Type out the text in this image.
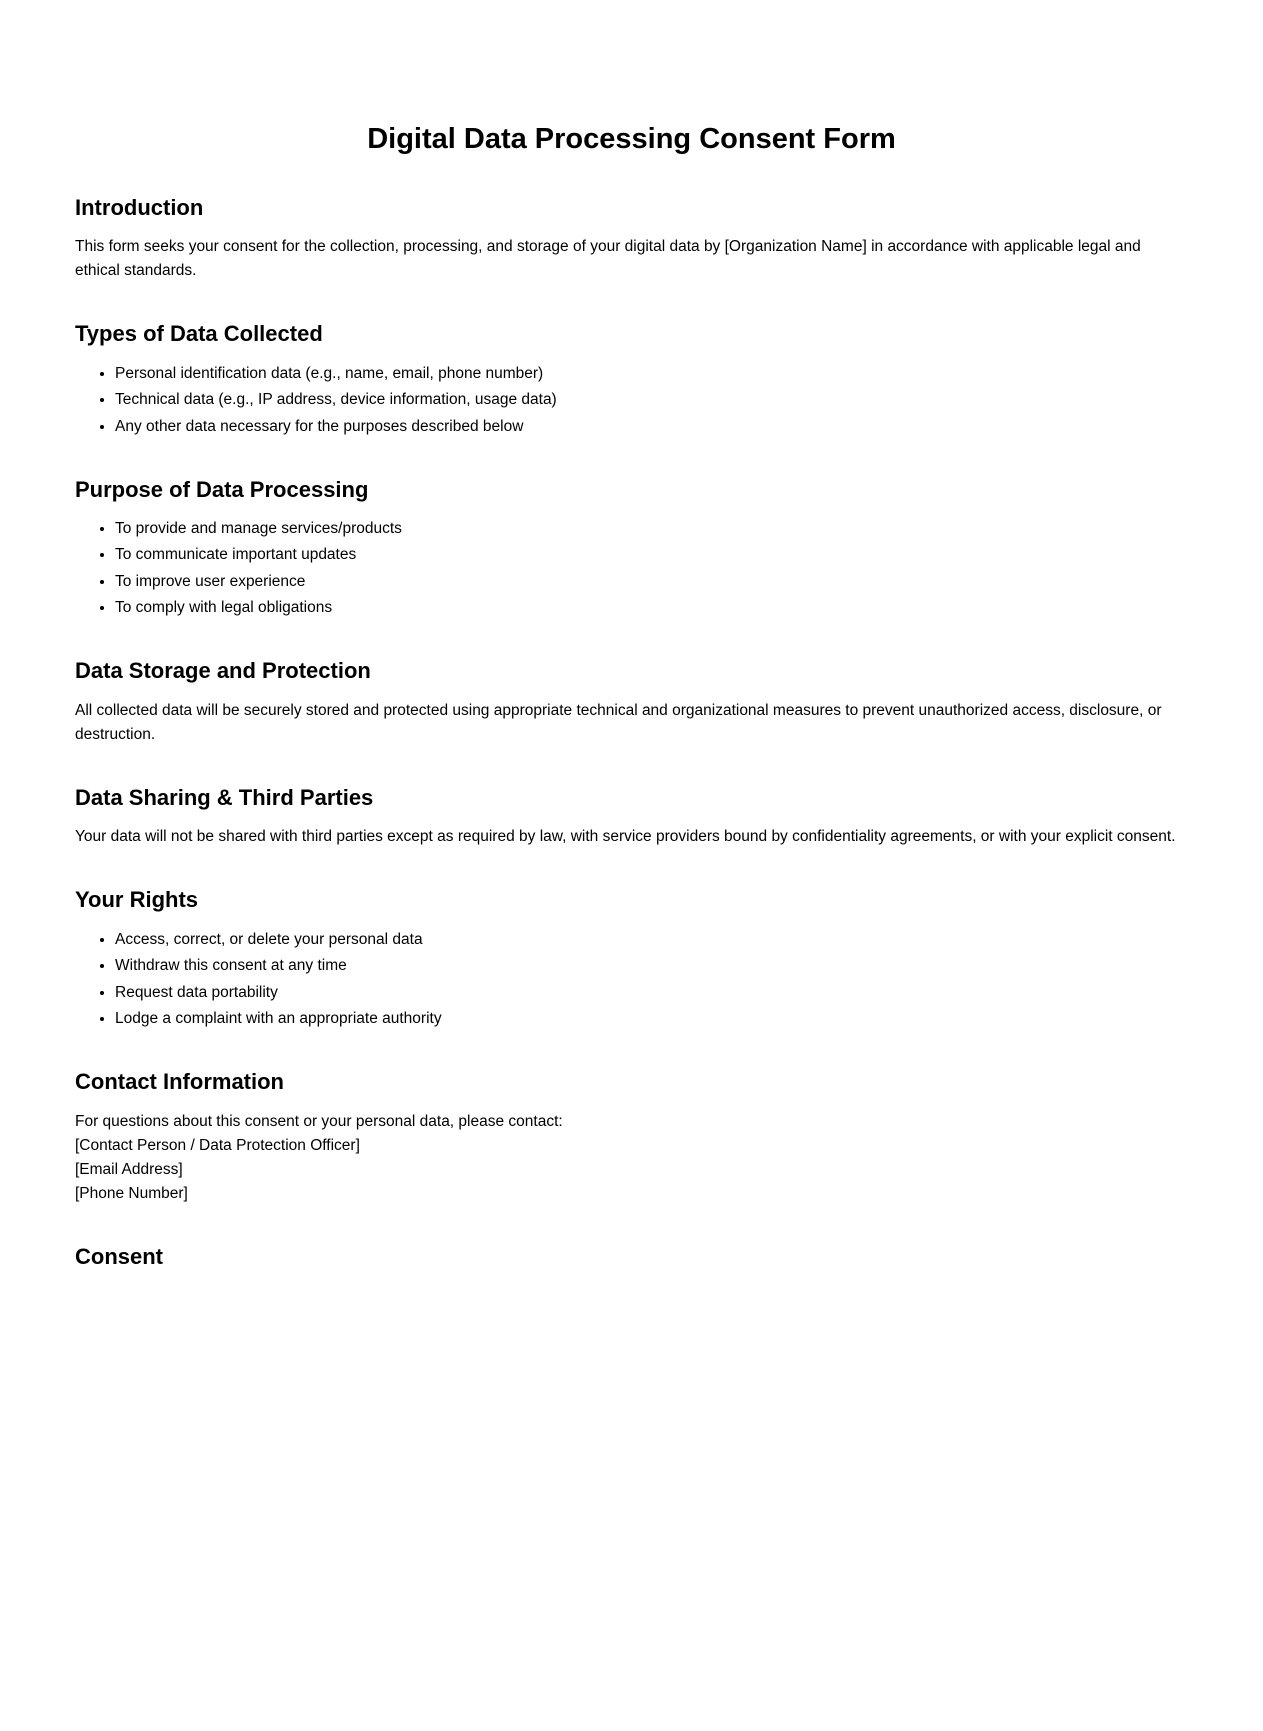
Digital Data Processing Consent Form
Introduction

This form seeks your consent for the collection, processing, and storage of your digital data by [Organization Name] in accordance with applicable legal and ethical standards.

Types of Data Collected
• Personal identification data (e.g., name, email, phone number)
• Technical data (e.g., IP address, device information, usage data)
• Any other data necessary for the purposes described below
Purpose of Data Processing
• To provide and manage services/products
• To communicate important updates
• To improve user experience
• To comply with legal obligations
Data Storage and Protection

All collected data will be securely stored and protected using appropriate technical and organizational measures to prevent unauthorized access, disclosure, or destruction.

Data Sharing & Third Parties

Your data will not be shared with third parties except as required by law, with service providers bound by confidentiality agreements, or with your explicit consent.

Your Rights
• Access, correct, or delete your personal data
• Withdraw this consent at any time
• Request data portability
• Lodge a complaint with an appropriate authority
Contact Information

For questions about this consent or your personal data, please contact:
[Contact Person / Data Protection Officer]
[Email Address]
[Phone Number]

Consent
